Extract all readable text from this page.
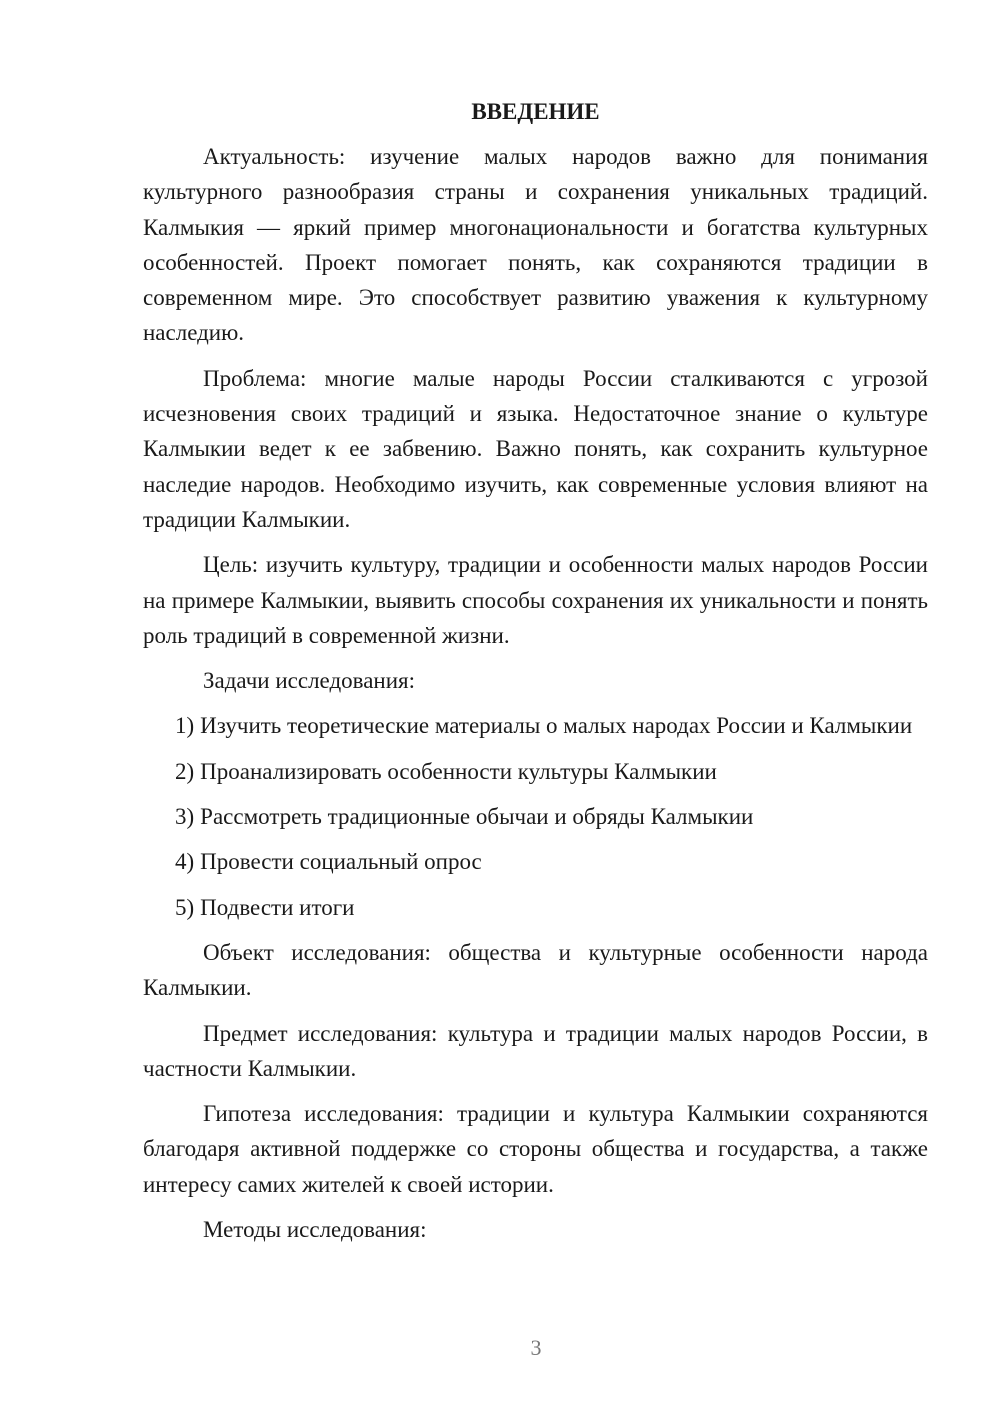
ВВЕДЕНИЕ

Актуальность: изучение малых народов важно для понимания культурного разнообразия страны и сохранения уникальных традиций. Калмыкия — яркий пример многонациональности и богатства культурных особенностей. Проект помогает понять, как сохраняются традиции в современном мире. Это способствует развитию уважения к культурному наследию.

Проблема: многие малые народы России сталкиваются с угрозой исчезновения своих традиций и языка. Недостаточное знание о культуре Калмыкии ведет к ее забвению. Важно понять, как сохранить культурное наследие народов. Необходимо изучить, как современные условия влияют на традиции Калмыкии.

Цель: изучить культуру, традиции и особенности малых народов России на примере Калмыкии, выявить способы сохранения их уникальности и понять роль традиций в современной жизни.

Задачи исследования:

1) Изучить теоретические материалы о малых народах России и Калмыкии
2) Проанализировать особенности культуры Калмыкии
3) Рассмотреть традиционные обычаи и обряды Калмыкии
4) Провести социальный опрос
5) Подвести итоги

Объект исследования: общества и культурные особенности народа Калмыкии.

Предмет исследования: культура и традиции малых народов России, в частности Калмыкии.

Гипотеза исследования: традиции и культура Калмыкии сохраняются благодаря активной поддержке со стороны общества и государства, а также интересу самих жителей к своей истории.

Методы исследования:

3
